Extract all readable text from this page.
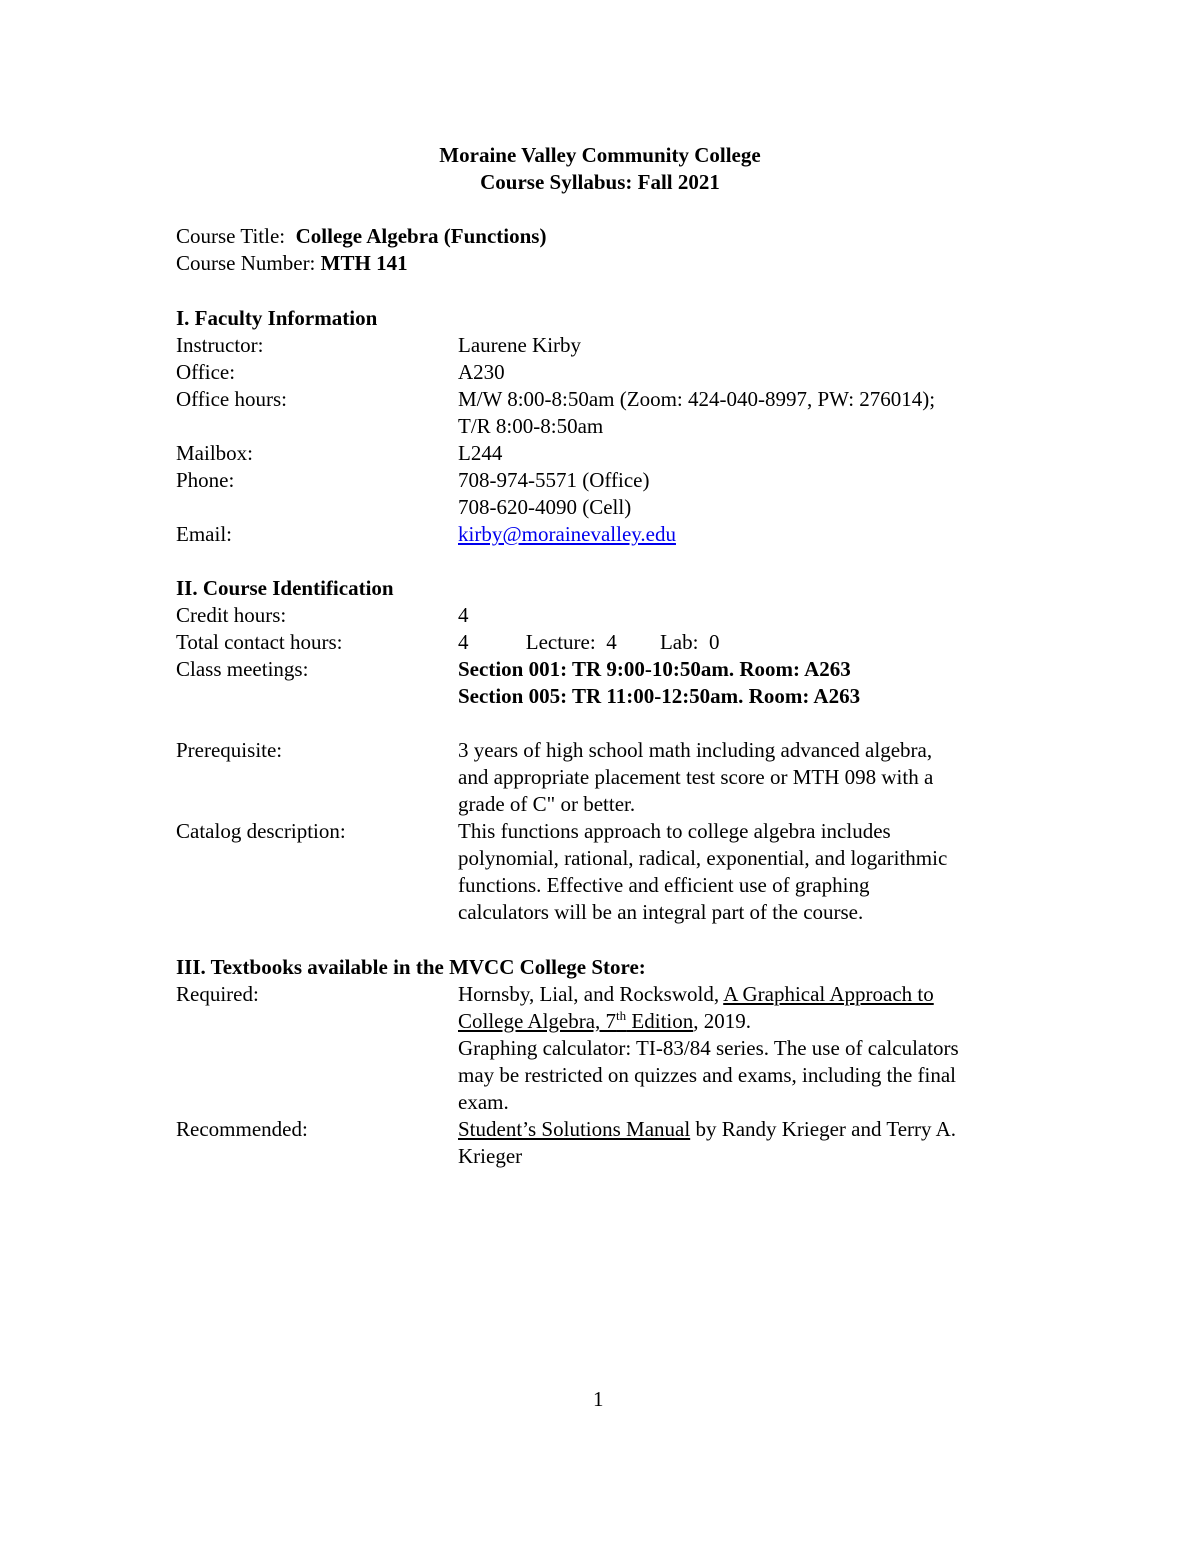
Moraine Valley Community College
Course Syllabus: Fall 2021
Course Title: College Algebra (Functions)
Course Number: MTH 141
I. Faculty Information
Instructor:	Laurene Kirby
Office:	A230
Office hours:	M/W 8:00-8:50am (Zoom: 424-040-8997, PW: 276014);
T/R 8:00-8:50am
Mailbox:	L244
Phone:	708-974-5571 (Office)
708-620-4090 (Cell)
Email:	kirby@morainevalley.edu
II. Course Identification
Credit hours:	4
Total contact hours:	4	Lecture: 4 Lab: 0
Class meetings:	Section 001: TR 9:00-10:50am. Room: A263
Section 005: TR 11:00-12:50am. Room: A263
Prerequisite:	3 years of high school math including advanced algebra,
and appropriate placement test score or MTH 098 with a
grade of C" or better.
Catalog description:	This functions approach to college algebra includes
polynomial, rational, radical, exponential, and logarithmic
functions. Effective and efficient use of graphing
calculators will be an integral part of the course.
III. Textbooks available in the MVCC College Store:
Required:	Hornsby, Lial, and Rockswold, A Graphical Approach to
College Algebra, 7th Edition, 2019.
Graphing calculator: TI-83/84 series. The use of calculators
may be restricted on quizzes and exams, including the final
exam.
Recommended:	Student’s Solutions Manual by Randy Krieger and Terry A.
Krieger
1
